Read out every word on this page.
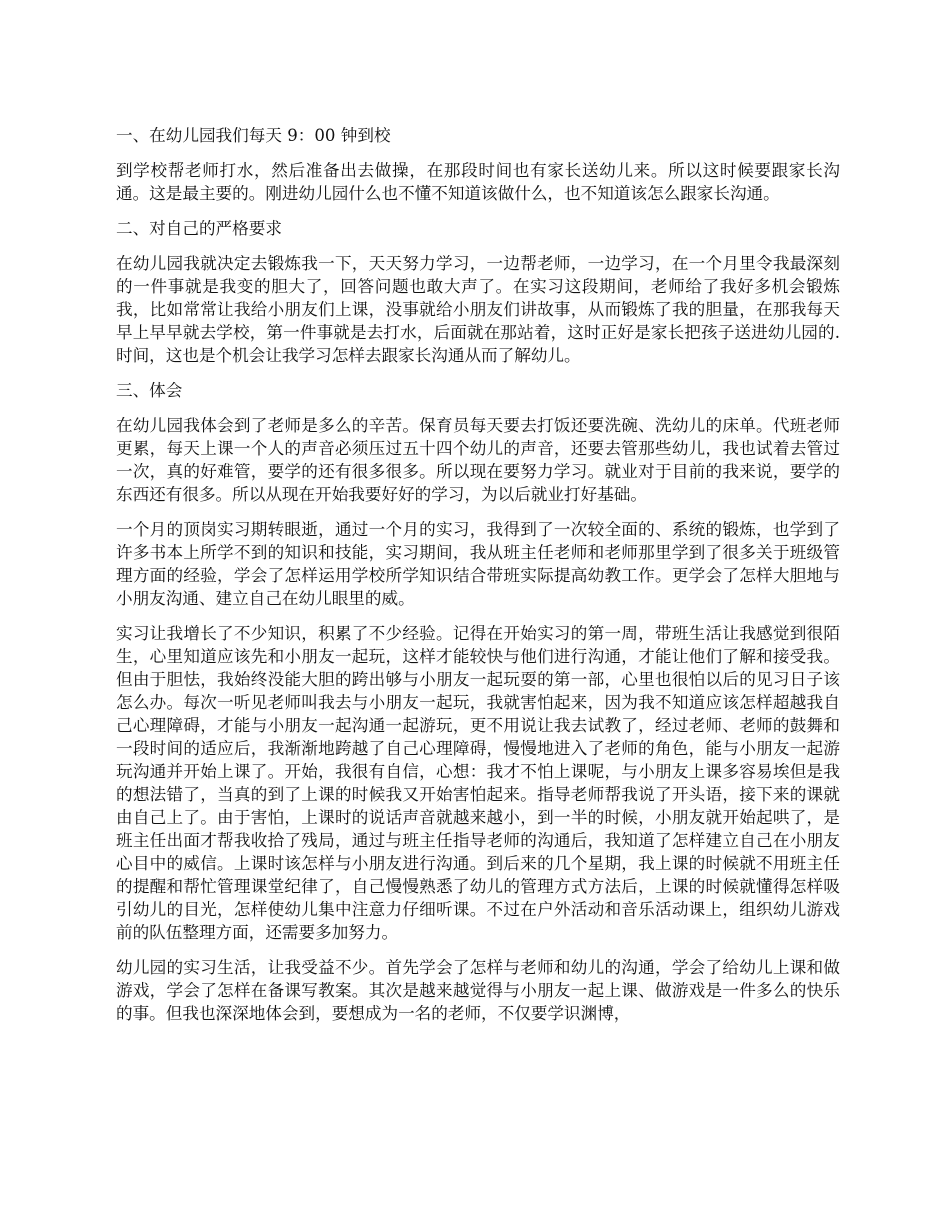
一、在幼儿园我们每天 9：00 钟到校

到学校帮老师打水，然后准备出去做操，在那段时间也有家长送幼儿来。所以这时候要跟家长沟通。这是最主要的。刚进幼儿园什么也不懂不知道该做什么，也不知道该怎么跟家长沟通。

二、对自己的严格要求

在幼儿园我就决定去锻炼我一下，天天努力学习，一边帮老师，一边学习，在一个月里令我最深刻的一件事就是我变的胆大了，回答问题也敢大声了。在实习这段期间，老师给了我好多机会锻炼我，比如常常让我给小朋友们上课，没事就给小朋友们讲故事，从而锻炼了我的胆量，在那我每天早上早早就去学校，第一件事就是去打水，后面就在那站着，这时正好是家长把孩子送进幼儿园的.时间，这也是个机会让我学习怎样去跟家长沟通从而了解幼儿。

三、体会

在幼儿园我体会到了老师是多么的辛苦。保育员每天要去打饭还要洗碗、洗幼儿的床单。代班老师更累，每天上课一个人的声音必须压过五十四个幼儿的声音，还要去管那些幼儿，我也试着去管过一次，真的好难管，要学的还有很多很多。所以现在要努力学习。就业对于目前的我来说，要学的东西还有很多。所以从现在开始我要好好的学习，为以后就业打好基础。

一个月的顶岗实习期转眼逝，通过一个月的实习，我得到了一次较全面的、系统的锻炼，也学到了许多书本上所学不到的知识和技能，实习期间，我从班主任老师和老师那里学到了很多关于班级管理方面的经验，学会了怎样运用学校所学知识结合带班实际提高幼教工作。更学会了怎样大胆地与小朋友沟通、建立自己在幼儿眼里的威。

实习让我增长了不少知识，积累了不少经验。记得在开始实习的第一周，带班生活让我感觉到很陌生，心里知道应该先和小朋友一起玩，这样才能较快与他们进行沟通，才能让他们了解和接受我。但由于胆怯，我始终没能大胆的跨出够与小朋友一起玩耍的第一部，心里也很怕以后的见习日子该怎么办。每次一听见老师叫我去与小朋友一起玩，我就害怕起来，因为我不知道应该怎样超越我自己心理障碍，才能与小朋友一起沟通一起游玩，更不用说让我去试教了，经过老师、老师的鼓舞和一段时间的适应后，我渐渐地跨越了自己心理障碍，慢慢地进入了老师的角色，能与小朋友一起游玩沟通并开始上课了。开始，我很有自信，心想：我才不怕上课呢，与小朋友上课多容易埃但是我的想法错了，当真的到了上课的时候我又开始害怕起来。指导老师帮我说了开头语，接下来的课就由自己上了。由于害怕，上课时的说话声音就越来越小，到一半的时候，小朋友就开始起哄了，是班主任出面才帮我收拾了残局，通过与班主任指导老师的沟通后，我知道了怎样建立自己在小朋友心目中的威信。上课时该怎样与小朋友进行沟通。到后来的几个星期，我上课的时候就不用班主任的提醒和帮忙管理课堂纪律了，自己慢慢熟悉了幼儿的管理方式方法后，上课的时候就懂得怎样吸引幼儿的目光，怎样使幼儿集中注意力仔细听课。不过在户外活动和音乐活动课上，组织幼儿游戏前的队伍整理方面，还需要多加努力。

幼儿园的实习生活，让我受益不少。首先学会了怎样与老师和幼儿的沟通，学会了给幼儿上课和做游戏，学会了怎样在备课写教案。其次是越来越觉得与小朋友一起上课、做游戏是一件多么的快乐的事。但我也深深地体会到，要想成为一名的老师，不仅要学识渊博，
